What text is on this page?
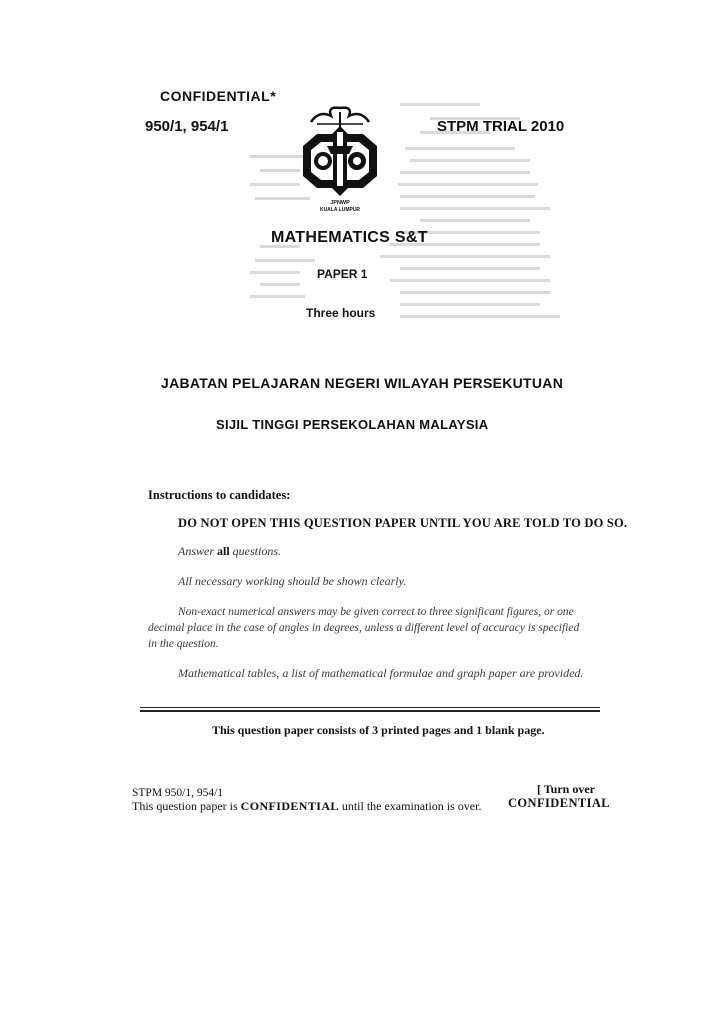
CONFIDENTIAL*
950/1, 954/1	STPM TRIAL 2010
JPNWP
KUALA LUMPUR
MATHEMATICS S&T
PAPER 1
Three hours
JABATAN PELAJARAN NEGERI WILAYAH PERSEKUTUAN
SIJIL TINGGI PERSEKOLAHAN MALAYSIA
Instructions to candidates:
DO NOT OPEN THIS QUESTION PAPER UNTIL YOU ARE TOLD TO DO SO.
Answer all questions.
All necessary working should be shown clearly.
Non-exact numerical answers may be given correct to three significant figures, or one decimal place in the case of angles in degrees, unless a different level of accuracy is specified in the question.
Mathematical tables, a list of mathematical formulae and graph paper are provided.
This question paper consists of 3 printed pages and 1 blank page.
STPM 950/1, 954/1
This question paper is CONFIDENTIAL until the examination is over.
[ Turn over
CONFIDENTIAL
